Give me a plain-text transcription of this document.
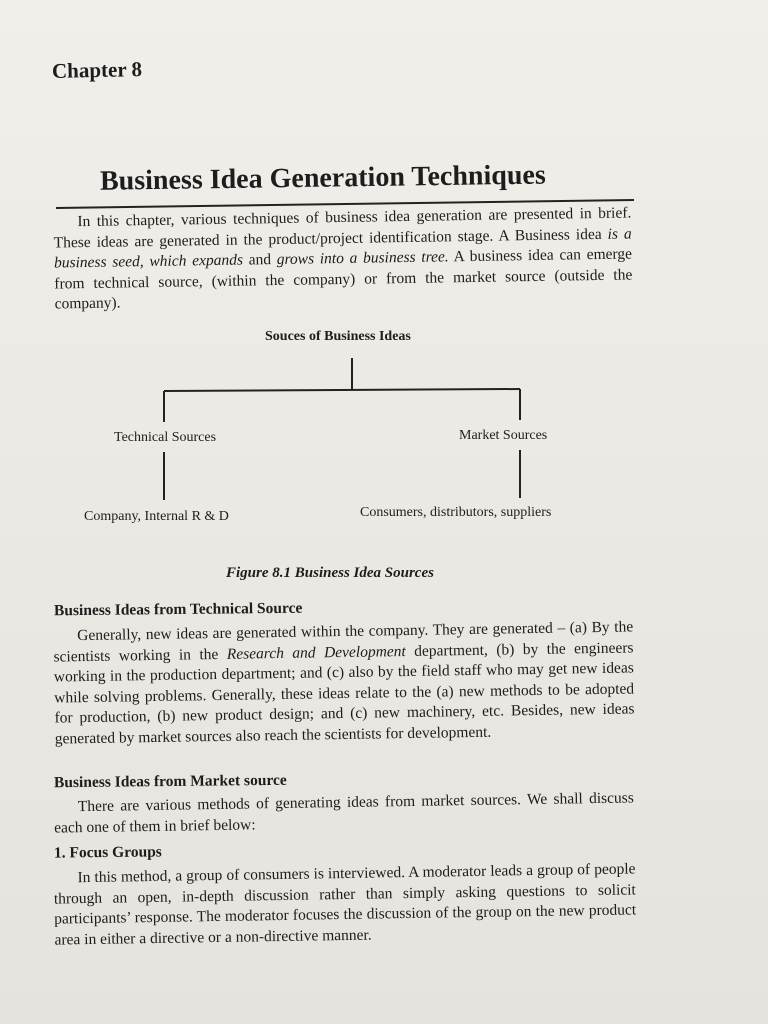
Chapter 8
Business Idea Generation Techniques

In this chapter, various techniques of business idea generation are presented in brief. These ideas are generated in the product/project identification stage. A Business idea is a business seed, which expands and grows into a business tree. A business idea can emerge from technical source, (within the company) or from the market source (outside the company).

Souces of Business Ideas
Technical Sources	Market Sources
Company, Internal R & D	Consumers, distributors, suppliers
Figure 8.1 Business Idea Sources
Business Ideas from Technical Source

Generally, new ideas are generated within the company. They are generated – (a) By the scientists working in the Research and Development department, (b) by the engineers working in the production department; and (c) also by the field staff who may get new ideas while solving problems. Generally, these ideas relate to the (a) new methods to be adopted for production, (b) new product design; and (c) new machinery, etc. Besides, new ideas generated by market sources also reach the scientists for development.

Business Ideas from Market source

There are various methods of generating ideas from market sources. We shall discuss each one of them in brief below:

1. Focus Groups

In this method, a group of consumers is interviewed. A moderator leads a group of people through an open, in-depth discussion rather than simply asking questions to solicit participants’ response. The moderator focuses the discussion of the group on the new product area in either a directive or a non-directive manner.
